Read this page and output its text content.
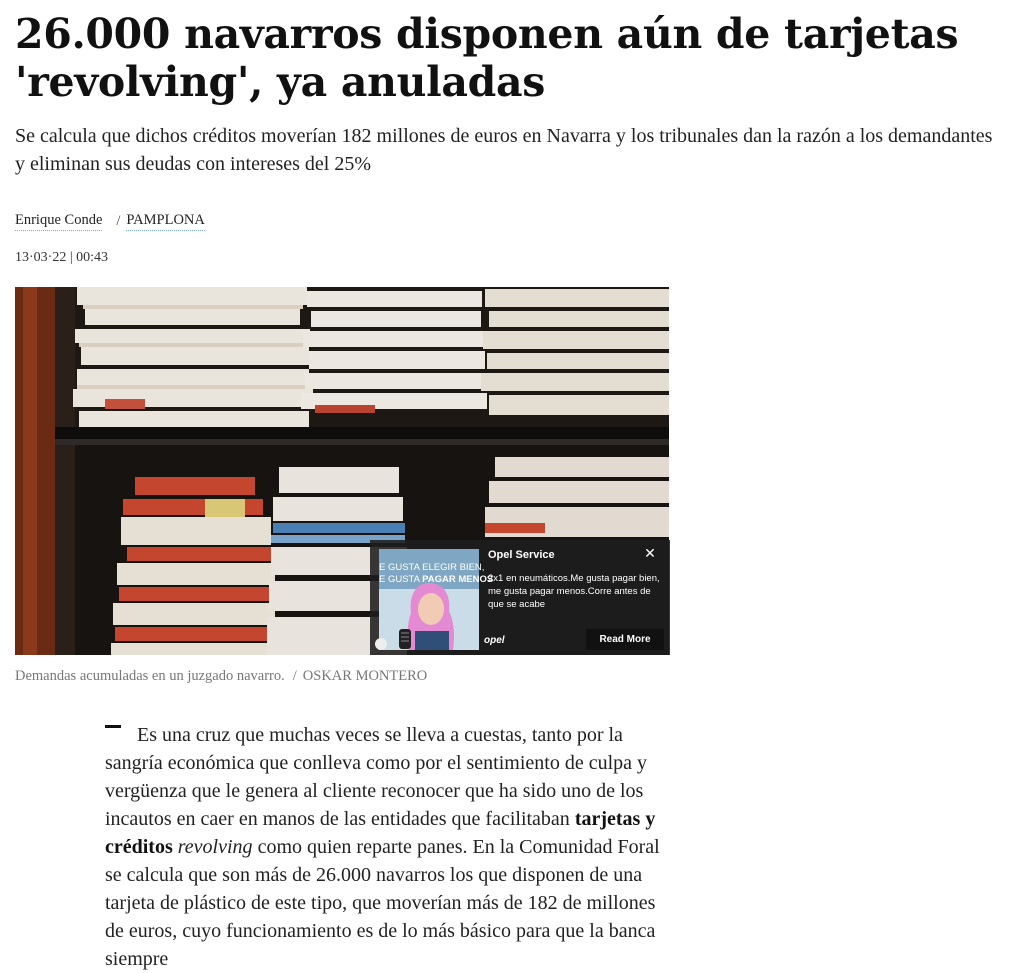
26.000 navarros disponen aún de tarjetas 'revolving', ya anuladas

Se calcula que dichos créditos moverían 182 millones de euros en Navarra y los tribunales dan la razón a los demandantes y eliminan sus deudas con intereses del 25%

Enrique Conde / PAMPLONA
13·03·22 | 00:43
E GUSTA ELEGIR BIEN,
E GUSTA PAGAR MENOS
Opel Service	✕
2x1 en neumáticos.Me gusta pagar bien, me gusta pagar menos.Corre antes de que se acabe
opel	Read More
Demandas acumuladas en un juzgado navarro. / OSKAR MONTERO
Es una cruz que muchas veces se lleva a cuestas, tanto por la sangría económica que conlleva como por el sentimiento de culpa y vergüenza que le genera al cliente reconocer que ha sido uno de los incautos en caer en manos de las entidades que facilitaban tarjetas y créditos revolving como quien reparte panes. En la Comunidad Foral se calcula que son más de 26.000 navarros los que disponen de una tarjeta de plástico de este tipo, que moverían más de 182 de millones de euros, cuyo funcionamiento es de lo más básico para que la banca siempre
